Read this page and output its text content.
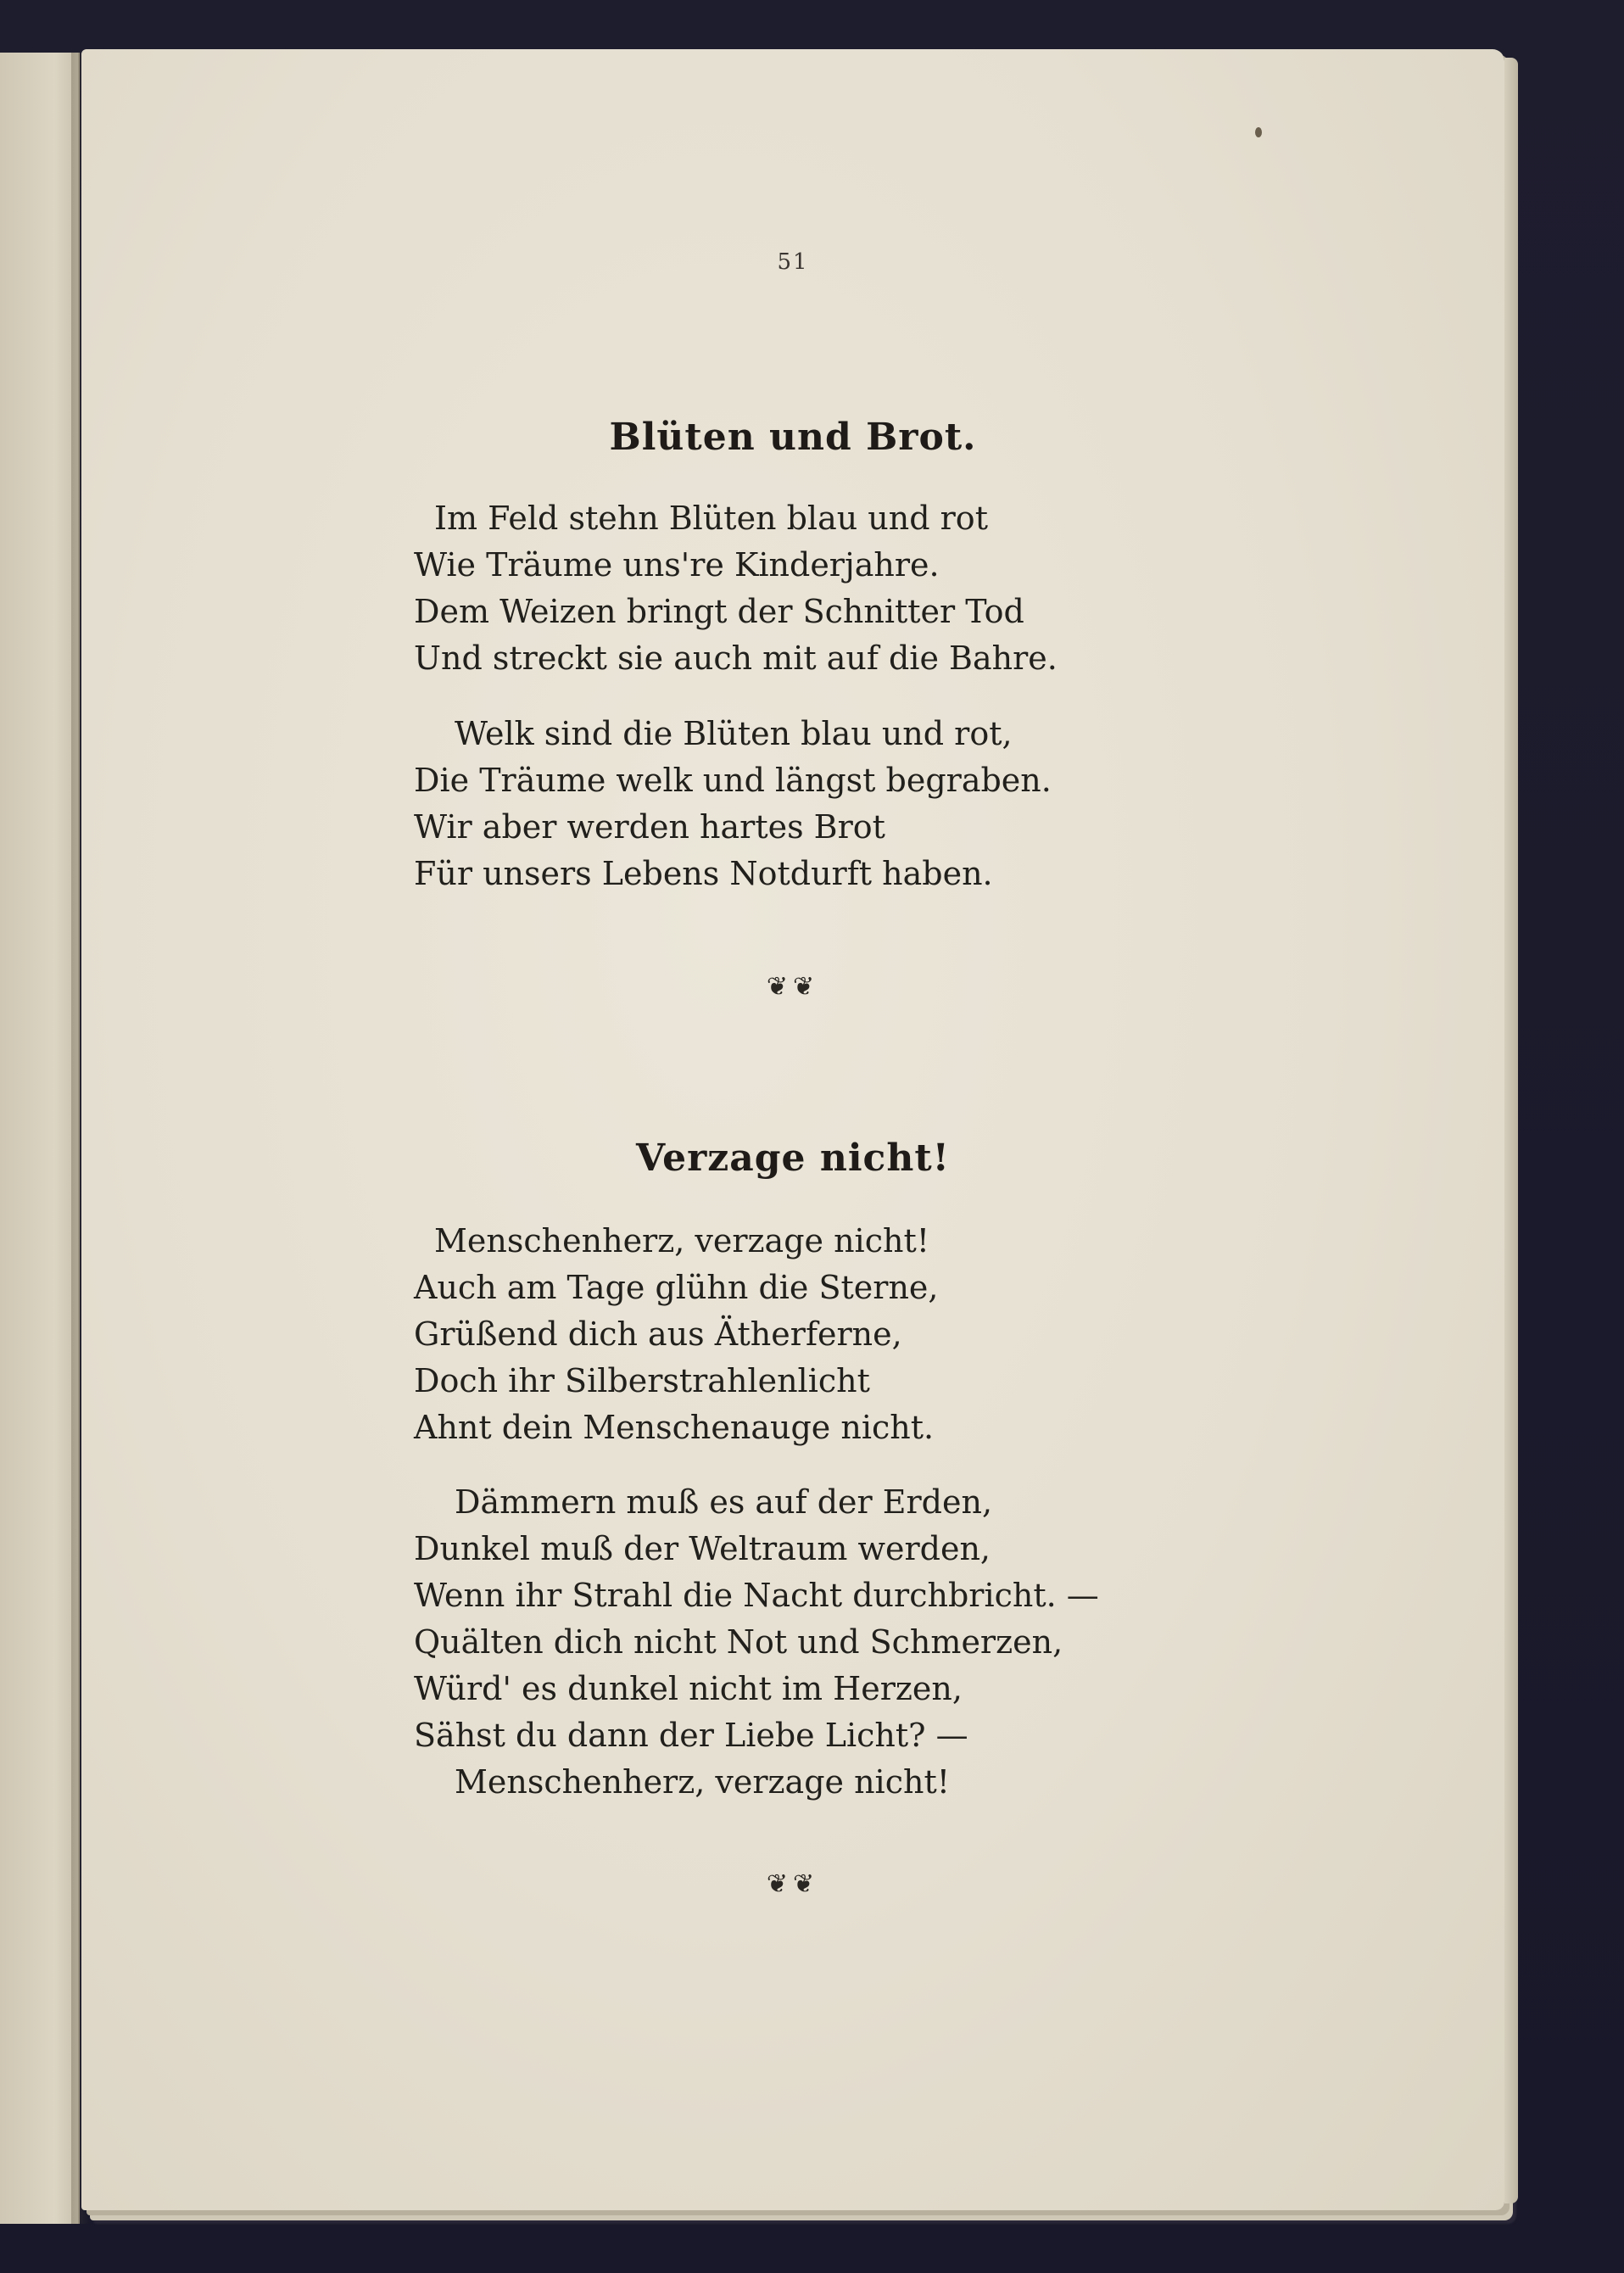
51
Blüten und Brot.
Im Feld stehn Blüten blau und rot
Wie Träume uns're Kinderjahre.
Dem Weizen bringt der Schnitter Tod
Und streckt sie auch mit auf die Bahre.
Welk sind die Blüten blau und rot,
Die Träume welk und längst begraben.
Wir aber werden hartes Brot
Für unsers Lebens Notdurft haben.
❦❦
Verzage nicht!
Menschenherz, verzage nicht!
Auch am Tage glühn die Sterne,
Grüßend dich aus Ätherferne,
Doch ihr Silberstrahlenlicht
Ahnt dein Menschenauge nicht.
Dämmern muß es auf der Erden,
Dunkel muß der Weltraum werden,
Wenn ihr Strahl die Nacht durchbricht. —
Quälten dich nicht Not und Schmerzen,
Würd' es dunkel nicht im Herzen,
Sähst du dann der Liebe Licht? —
Menschenherz, verzage nicht!
❦❦
